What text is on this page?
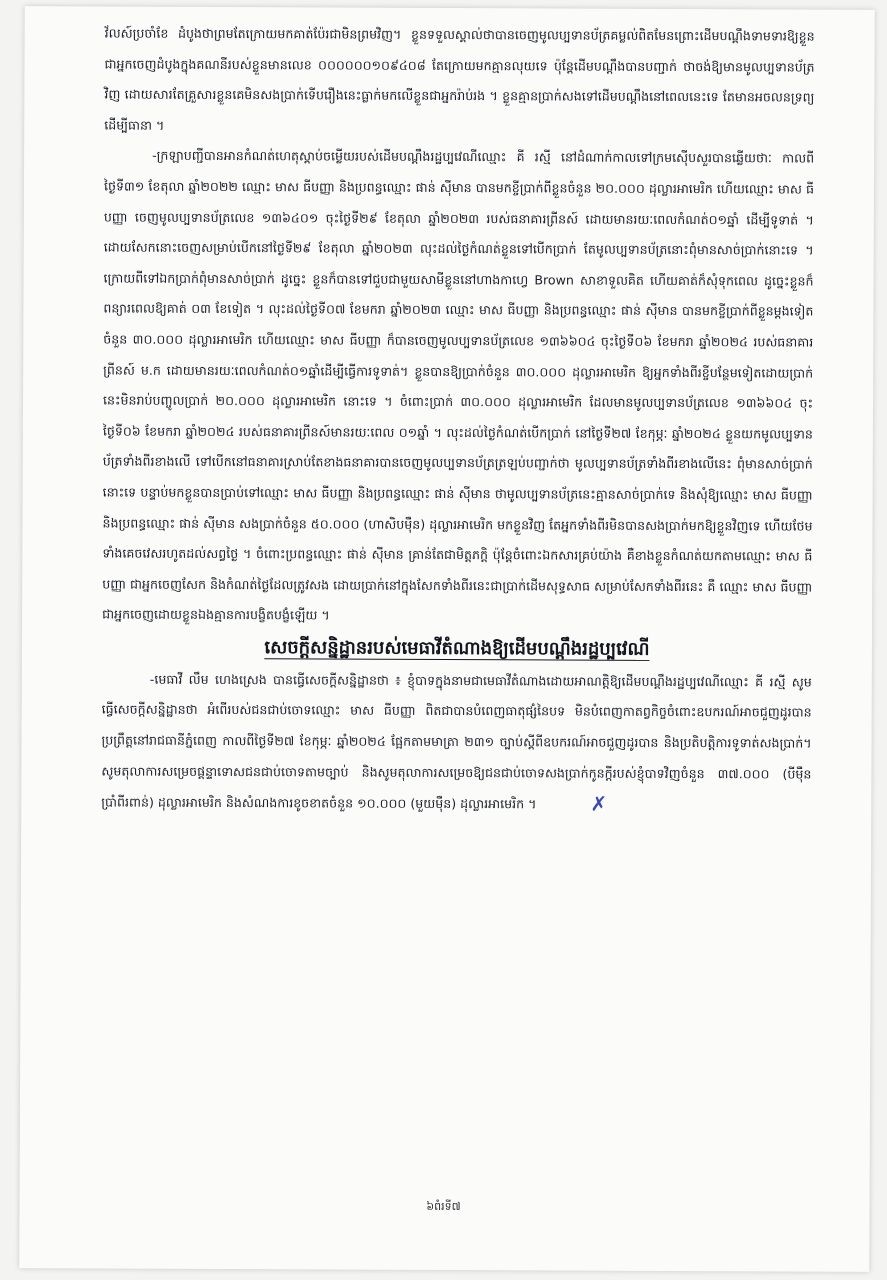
វ័លស៍ប្រចាំខែ ដំបូងថាព្រមតែក្រោយមកគាត់ប៉ែរជាមិនព្រមវិញ។ ខ្លួនទទួលស្គាល់ថាបានចេញមូលប្បទានប័ត្រគម្លល់ពិតមែនព្រោះដើមបណ្តឹងទាមទារឱ្យខ្លួនជាអ្នកចេញដំបូងក្នុងគណនីរបស់ខ្លួនមានលេខ ០០០០០០១០៩៤០៨ តែក្រោយមកគ្មានលុយទេ ប៉ុន្តែដើមបណ្តឹងបានបញ្ជាក់ ថាចង់ឱ្យមានមូលប្បទានប័ត្រវិញ ដោយសារតែគ្រួសារខ្លួនគេមិនសងប្រាក់ទើបរឿងនេះធ្លាក់មកលើខ្លួនជាអ្នករ៉ាប់រង ។ ខ្លួនគ្មានប្រាក់សងទៅដើមបណ្តឹងនៅពេលនេះទេ តែមានអចលនទ្រព្យដើម្បីធានា ។

-ក្រឡាបញ្ជីបានអានកំណត់ហេតុស្តាប់ចម្លើយរបស់ដើមបណ្តឹងរដ្ឋប្បវេណីឈ្មោះ គី រស្មី នៅដំណាក់កាលទៅក្រមស៊ើបសួរបានឆ្លើយថាៈ កាលពីថ្ងៃទី៣១ ខែតុលា ឆ្នាំ២០២២ ឈ្មោះ មាស ធីបញ្ញា និងប្រពន្ធឈ្មោះ ផាន់ ស៊ីមាន បានមកខ្ចីប្រាក់ពីខ្លួនចំនួន ២០.០០០ ដុល្លារអាមេរិក ហើយឈ្មោះ មាស ធីបញ្ញា ចេញមូលប្បទានប័ត្រលេខ ១៣៦៤០១ ចុះថ្ងៃទី២៩ ខែតុលា ឆ្នាំ២០២៣ របស់ធនាគារព្រីនស៍ ដោយមានរយៈពេលកំណត់០១ឆ្នាំ ដើម្បីទូទាត់ ។ ដោយសែកនោះចេញសម្រាប់បើកនៅថ្ងៃទី២៩ ខែតុលា ឆ្នាំ២០២៣ លុះដល់ថ្ងៃកំណត់ខ្លួនទៅបើកប្រាក់ តែមូលប្បទានប័ត្រនោះពុំមានសាច់ប្រាក់នោះទេ ។ ក្រោយពីទៅឯកប្រាក់ពុំមានសាច់ប្រាក់ ដូច្នេះ ខ្លួនក៏បានទៅជួបជាមួយសាមីខ្លួននៅហាងកាហ្វេ Brown សាខាទួលគិត ហើយគាត់ក៏សុំទុកពេល ដូច្នេះខ្លួនក៏ពន្យារពេលឱ្យគាត់ ០៣ ខែទៀត ។ លុះដល់ថ្ងៃទី០៧ ខែមករា ឆ្នាំ២០២៣ ឈ្មោះ មាស ធីបញ្ញា និងប្រពន្ធឈ្មោះ ផាន់ ស៊ីមាន បានមកខ្ចីប្រាក់ពីខ្លួនម្តងទៀតចំនួន ៣០.០០០ ដុល្លារអាមេរិក ហើយឈ្មោះ មាស ធីបញ្ញា ក៏បានចេញមូលប្បទានប័ត្រលេខ ១៣៦៦០៤ ចុះថ្ងៃទី០៦ ខែមករា ឆ្នាំ២០២៤ របស់ធនាគារ ព្រីនស៍ ម.ក ដោយមានរយៈពេលកំណត់០១ឆ្នាំដើម្បីធ្វើការទូទាត់។ ខ្លួនបានឱ្យប្រាក់ចំនួន ៣០.០០០ ដុល្លារអាមេរិក ឱ្យអ្នកទាំងពីរខ្ចីបន្ថែមទៀតដោយប្រាក់នេះមិនរាប់បញ្ចូលប្រាក់ ២០.០០០ ដុល្លារអាមេរិក នោះទេ ។ ចំពោះប្រាក់ ៣០.០០០ ដុល្លារអាមេរិក ដែលមានមូលប្បទានប័ត្រលេខ ១៣៦៦០៤ ចុះថ្ងៃទី០៦ ខែមករា ឆ្នាំ២០២៤ របស់ធនាគារព្រីនស៍មានរយៈពេល ០១ឆ្នាំ ។ លុះដល់ថ្ងៃកំណត់បើកប្រាក់ នៅថ្ងៃទី២៧ ខែកុម្ភៈ ឆ្នាំ២០២៤ ខ្លួនយកមូលប្បទានប័ត្រទាំងពីរខាងលើ ទៅបើកនៅធនាគារស្រាប់តែខាងធនាគារបានចេញមូលប្បទានប័ត្រត្រឡប់បញ្ជាក់ថា មូលប្បទានប័ត្រទាំងពីរខាងលើនេះ ពុំមានសាច់ប្រាក់នោះទេ បន្ទាប់មកខ្លួនបានប្រាប់ទៅឈ្មោះ មាស ធីបញ្ញា និងប្រពន្ធឈ្មោះ ផាន់ ស៊ីមាន ថាមូលប្បទានប័ត្រនេះគ្មានសាច់ប្រាក់ទេ និងសុំឱ្យឈ្មោះ មាស ធីបញ្ញា និងប្រពន្ធឈ្មោះ ផាន់ ស៊ីមាន សងប្រាក់ចំនួន ៥០.០០០ (ហាសិបម៉ឺន) ដុល្លារអាមេរិក មកខ្លួនវិញ តែអ្នកទាំងពីរមិនបានសងប្រាក់មកឱ្យខ្លួនវិញទេ ហើយថែមទាំងគេចវេសរហូតដល់សព្វថ្ងៃ ។ ចំពោះប្រពន្ធឈ្មោះ ផាន់ ស៊ីមាន គ្រាន់តែជាមិត្តភក្តិ ប៉ុន្តែចំពោះឯកសារគ្រប់យ៉ាង គឺខាងខ្លួនកំណត់យកតាមឈ្មោះ មាស ធីបញ្ញា ជាអ្នកចេញសែក និងកំណត់ថ្ងៃដែលត្រូវសង ដោយប្រាក់នៅក្នុងសែកទាំងពីរនេះជាប្រាក់ដើមសុទ្ធសាធ សម្រាប់សែកទាំងពីរនេះ គឺ ឈ្មោះ មាស ធីបញ្ញា ជាអ្នកចេញដោយខ្លួនឯងគ្មានការបង្ខិតបង្ខំឡើយ ។

សេចក្តីសន្និដ្ឋានរបស់មេធាវីតំណាងឱ្យដើមបណ្តឹងរដ្ឋប្បវេណី

-មេធាវី លឹម ហេងស្រេង បានធ្វើសេចក្តីសន្និដ្ឋានថា ៖ ខ្ញុំបាទក្នុងនាមជាមេធាវីតំណាងដោយអាណត្តិឱ្យដើមបណ្តឹងរដ្ឋប្បវេណីឈ្មោះ គី រស្មី សូមធ្វើសេចក្តីសន្និដ្ឋានថា អំពើរបស់ជនជាប់ចោទឈ្មោះ មាស ធីបញ្ញា ពិតជាបានបំពេញធាតុផ្សំនៃបទ មិនបំពេញកាតព្វកិច្ចចំពោះឧបករណ៍អាចជួញដូរបាន ប្រព្រឹត្តនៅរាជធានីភ្នំពេញ កាលពីថ្ងៃទី២៧ ខែកុម្ភៈ ឆ្នាំ២០២៤ ផ្អែកតាមមាត្រា ២៣១ ច្បាប់ស្តីពីឧបករណ៍អាចជួញដូរបាន និងប្រតិបត្តិការទូទាត់សងប្រាក់។ សូមតុលាការសម្រេចផ្តន្ទាទោសជនជាប់ចោទតាមច្បាប់ និងសូមតុលាការសម្រេចឱ្យជនជាប់ចោទសងប្រាក់កូនក្តីរបស់ខ្ញុំបាទវិញចំនួន ៣៧.០០០ (បីម៉ឺនប្រាំពីរពាន់) ដុល្លារអាមេរិក និងសំណងការខូចខាតចំនួន ១០.០០០ (មួយម៉ឺន) ដុល្លារអាមេរិក ។	✗

៦ពំរទី៧
